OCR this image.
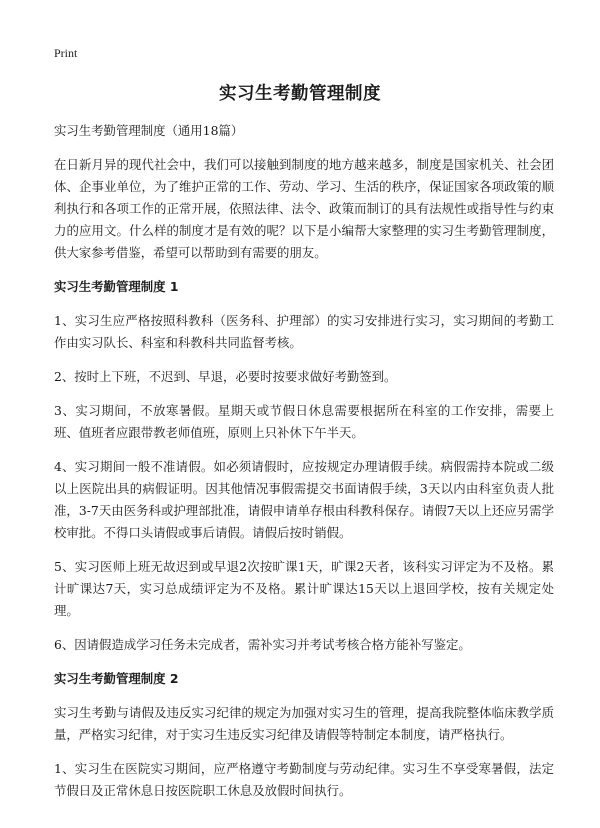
Print
实习生考勤管理制度

实习生考勤管理制度（通用18篇）

在日新月异的现代社会中，我们可以接触到制度的地方越来越多，制度是国家机关、社会团体、企事业单位，为了维护正常的工作、劳动、学习、生活的秩序，保证国家各项政策的顺利执行和各项工作的正常开展，依照法律、法令、政策而制订的具有法规性或指导性与约束力的应用文。什么样的制度才是有效的呢？以下是小编帮大家整理的实习生考勤管理制度，供大家参考借鉴，希望可以帮助到有需要的朋友。

实习生考勤管理制度 1

1、实习生应严格按照科教科（医务科、护理部）的实习安排进行实习，实习期间的考勤工作由实习队长、科室和科教科共同监督考核。

2、按时上下班，不迟到、早退，必要时按要求做好考勤签到。

3、实习期间，不放寒暑假。星期天或节假日休息需要根据所在科室的工作安排，需要上班、值班者应跟带教老师值班，原则上只补休下午半天。

4、实习期间一般不准请假。如必须请假时，应按规定办理请假手续。病假需持本院或二级以上医院出具的病假证明。因其他情况事假需提交书面请假手续，3天以内由科室负责人批准，3-7天由医务科或护理部批准，请假申请单存根由科教科保存。请假7天以上还应另需学校审批。不得口头请假或事后请假。请假后按时销假。

5、实习医师上班无故迟到或早退2次按旷课1天，旷课2天者，该科实习评定为不及格。累计旷课达7天，实习总成绩评定为不及格。累计旷课达15天以上退回学校，按有关规定处理。

6、因请假造成学习任务未完成者，需补实习并考试考核合格方能补写鉴定。

实习生考勤管理制度 2

实习生考勤与请假及违反实习纪律的规定为加强对实习生的管理，提高我院整体临床教学质量，严格实习纪律，对于实习生违反实习纪律及请假等特制定本制度，请严格执行。

1、实习生在医院实习期间，应严格遵守考勤制度与劳动纪律。实习生不享受寒暑假，法定节假日及正常休息日按医院职工休息及放假时间执行。
